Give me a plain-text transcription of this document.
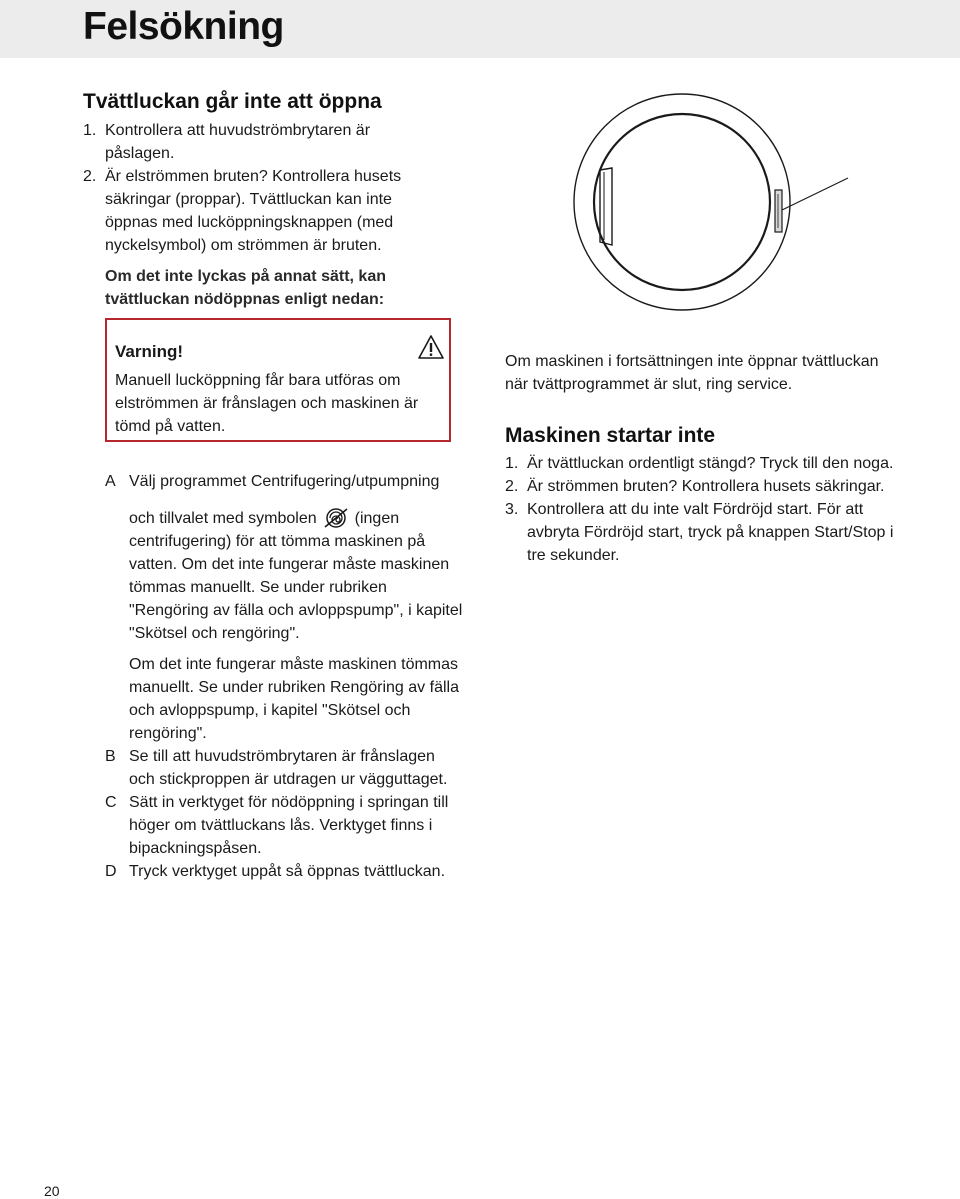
Felsökning
Tvättluckan går inte att öppna
1. Kontrollera att huvudströmbrytaren är påslagen.
2. Är elströmmen bruten? Kontrollera husets säkringar (proppar). Tvättluckan kan inte öppnas med lucköppningsknappen (med nyckelsymbol) om strömmen är bruten.

Om det inte lyckas på annat sätt, kan tvättluckan nödöppnas enligt nedan:

Varning!

Manuell lucköppning får bara utföras om elströmmen är frånslagen och maskinen är tömd på vatten.

A Välj programmet Centrifugering/utpumpning

och tillvalet med symbolen (ingen centrifugering) för att tömma maskinen på vatten. Om det inte fungerar måste maskinen tömmas manuellt. Se under rubriken "Rengöring av fälla och avloppspump", i kapitel "Skötsel och rengöring".

Om det inte fungerar måste maskinen tömmas manuellt. Se under rubriken Rengöring av fälla och avloppspump, i kapitel "Skötsel och rengöring".

B Se till att huvudströmbrytaren är frånslagen och stickproppen är utdragen ur vägguttaget.

C Sätt in verktyget för nödöppning i springan till höger om tvättluckans lås. Verktyget finns i bipackningspåsen.

D Tryck verktyget uppåt så öppnas tvättluckan.

Om maskinen i fortsättningen inte öppnar tvättluckan när tvättprogrammet är slut, ring service.

Maskinen startar inte
1. Är tvättluckan ordentligt stängd? Tryck till den noga.
2. Är strömmen bruten? Kontrollera husets säkringar.
3. Kontrollera att du inte valt Fördröjd start. För att avbryta Fördröjd start, tryck på knappen Start/Stop i tre sekunder.

20
